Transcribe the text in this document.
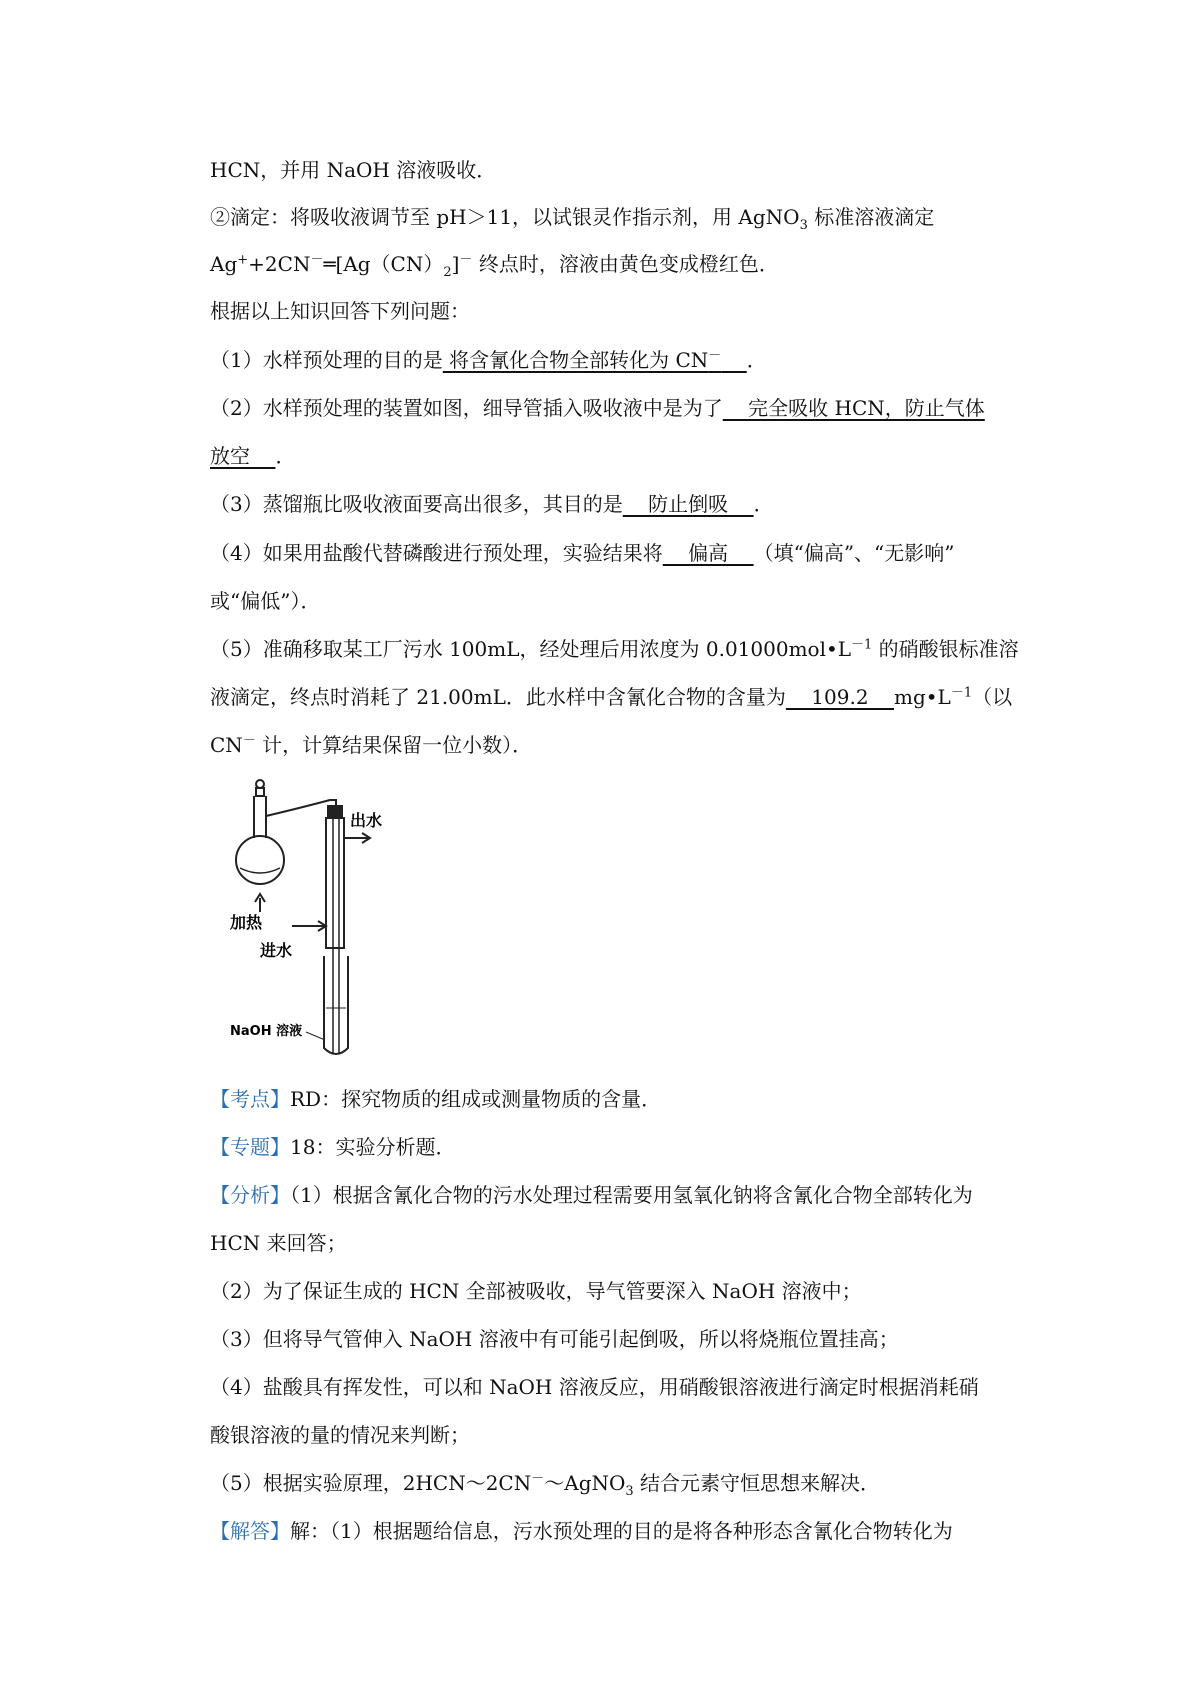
HCN，并用 NaOH 溶液吸收．
②滴定：将吸收液调节至 pH＞11，以试银灵作指示剂，用 AgNO$_3$ 标准溶液滴定
$Ag^++2CN^-═[Ag(CN)_2]^-$ 终点时，溶液由黄色变成橙红色．
根据以上知识回答下列问题：
（1）水样预处理的目的是 将含氰化合物全部转化为 CN－ ．
（2）水样预处理的装置如图，细导管插入吸收液中是为了    完全吸收 HCN，防止气体
放空    ．
（3）蒸馏瓶比吸收液面要高出很多，其目的是    防止倒吸    ．
（4）如果用盐酸代替磷酸进行预处理，实验结果将    偏高    （填“偏高”、“无影响”
或“偏低”）．
（5）准确移取某工厂污水 100mL，经处理后用浓度为 $0.01000mol•L^{-1}$ 的硝酸银标准溶
液滴定，终点时消耗了 21.00mL．此水样中含氰化合物的含量为    109.2    $mg•L^{-1}$（以
CN－ 计，计算结果保留一位小数）．
出水
加热
进水
NaOH 溶液
【考点】RD：探究物质的组成或测量物质的含量．
【专题】18：实验分析题．
【分析】（1）根据含氰化合物的污水处理过程需要用氢氧化钠将含氰化合物全部转化为
HCN 来回答；
（2）为了保证生成的 HCN 全部被吸收，导气管要深入 NaOH 溶液中；
（3）但将导气管伸入 NaOH 溶液中有可能引起倒吸，所以将烧瓶位置挂高；
（4）盐酸具有挥发性，可以和 NaOH 溶液反应，用硝酸银溶液进行滴定时根据消耗硝
酸银溶液的量的情况来判断；
（5）根据实验原理，2HCN～2CN－～AgNO$_3$ 结合元素守恒思想来解决．
【解答】解：（1）根据题给信息，污水预处理的目的是将各种形态含氰化合物转化为
